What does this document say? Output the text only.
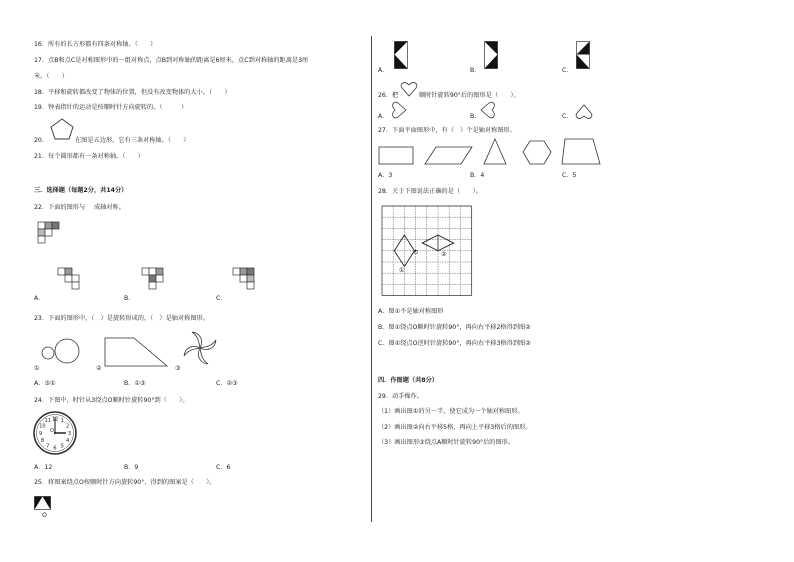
16．所有的长方形都有四条对称轴。（　　）
17．点B和点C是对称图形中的一组对称点，点B到对称轴的距离是6厘米，点C到对称轴的距离是3厘
米。（　　）
18．平移和旋转都改变了物体的位置，但没有改变物体的大小。（　　）
19．钟表指针的运动是按顺时针方向旋转的。（　　　）
20．	在图是五边形，它有三条对称轴。（　　）
21．每个圆形都有一条对称轴。（　　）
三．选择题（每题2分，共14分）
22．下面的图形与 成轴对称。
A．	B．	C．
23．下面的图形中，（　）是旋转形成的，（　）是轴对称图形。
①	②	③
A．③①	B．①③	C．②③
24．下图中，时针从3绕点O顺时针旋转90°到（　　）。
12 1
2
3
4
5
6
7
8
9
10
11
O
A．12	B．9	C．6
25．将图案绕点O按顺时针方向旋转90°，得到的图案是（　　）。
O
A．	B．	C．
26．把	顺时针旋转90°后的图形是（　　）。
A．	B．	C．
27．下面平面图形中，有（　）个是轴对称图形。
A．3	B．4	C．5
28．关于下图说法正确的是（　　）。
①
O	②
A．图①不是轴对称图形
B．图①绕点O顺时针旋转90°，再向右平移2格得到图②
C．图①绕点O逆时针旋转90°，再向右平移3格得到图②
四．作图题（共8分）
29．动手操作。
（1）画出图①的另一半，使它成为一个轴对称图形。
（2）画出图②向右平移5格，再向上平移3格后的图形。
（3）画出图形③绕点A顺时针旋转90°后的图形。
